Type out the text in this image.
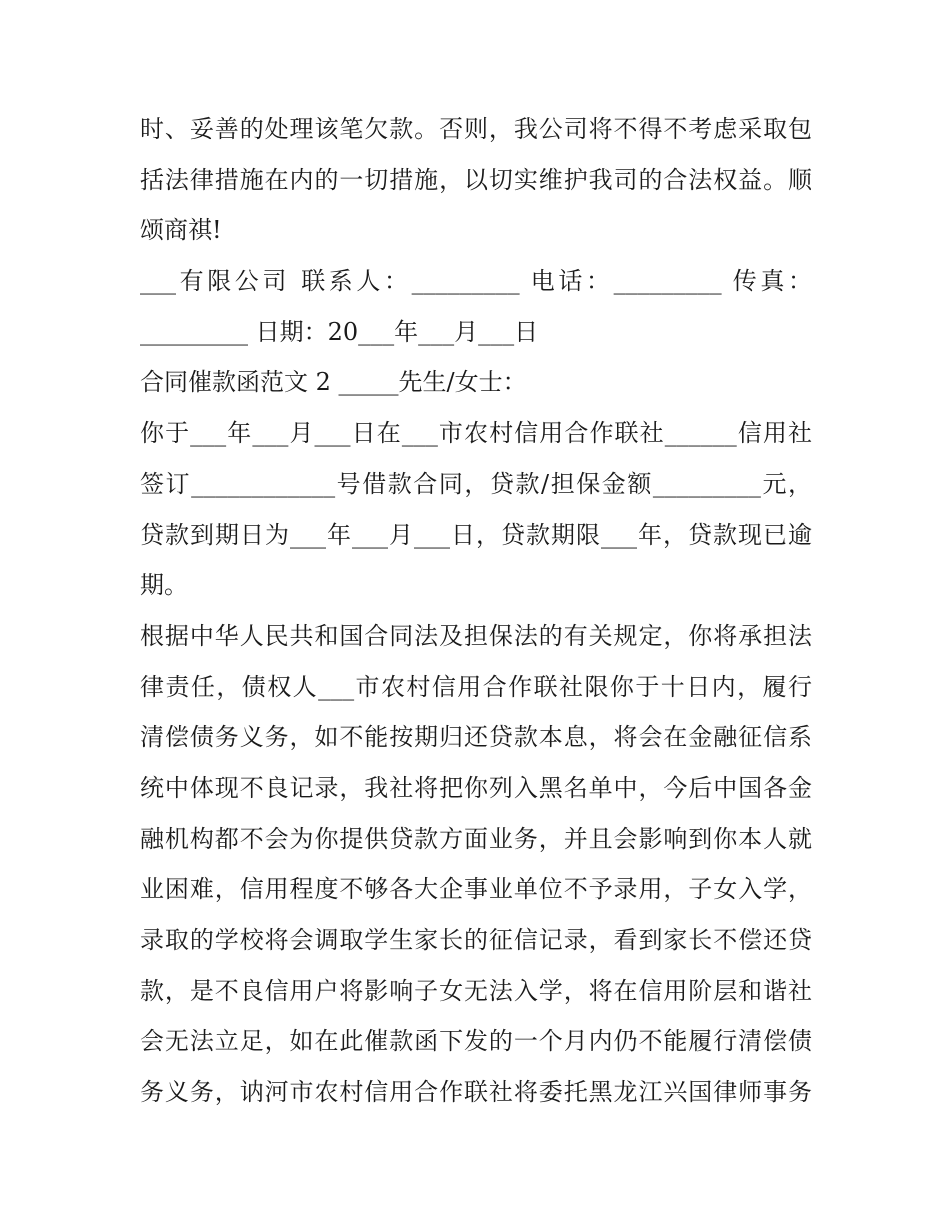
时、妥善的处理该笔欠款。否则，我公司将不得不考虑采取包
括法律措施在内的一切措施，以切实维护我司的合法权益。顺
颂商祺!
___有限公司 联系人：_________ 电话：_________ 传真：
_________ 日期：20___年___月___日
合同催款函范文 2 _____先生/女士：
你于___年___月___日在___市农村信用合作联社______信用社
签订____________号借款合同，贷款/担保金额_________元，
贷款到期日为___年___月___日，贷款期限___年，贷款现已逾
期。
根据中华人民共和国合同法及担保法的有关规定，你将承担法
律责任，债权人___市农村信用合作联社限你于十日内，履行
清偿债务义务，如不能按期归还贷款本息，将会在金融征信系
统中体现不良记录，我社将把你列入黑名单中，今后中国各金
融机构都不会为你提供贷款方面业务，并且会影响到你本人就
业困难，信用程度不够各大企事业单位不予录用，子女入学，
录取的学校将会调取学生家长的征信记录，看到家长不偿还贷
款，是不良信用户将影响子女无法入学，将在信用阶层和谐社
会无法立足，如在此催款函下发的一个月内仍不能履行清偿债
务义务，讷河市农村信用合作联社将委托黑龙江兴国律师事务
